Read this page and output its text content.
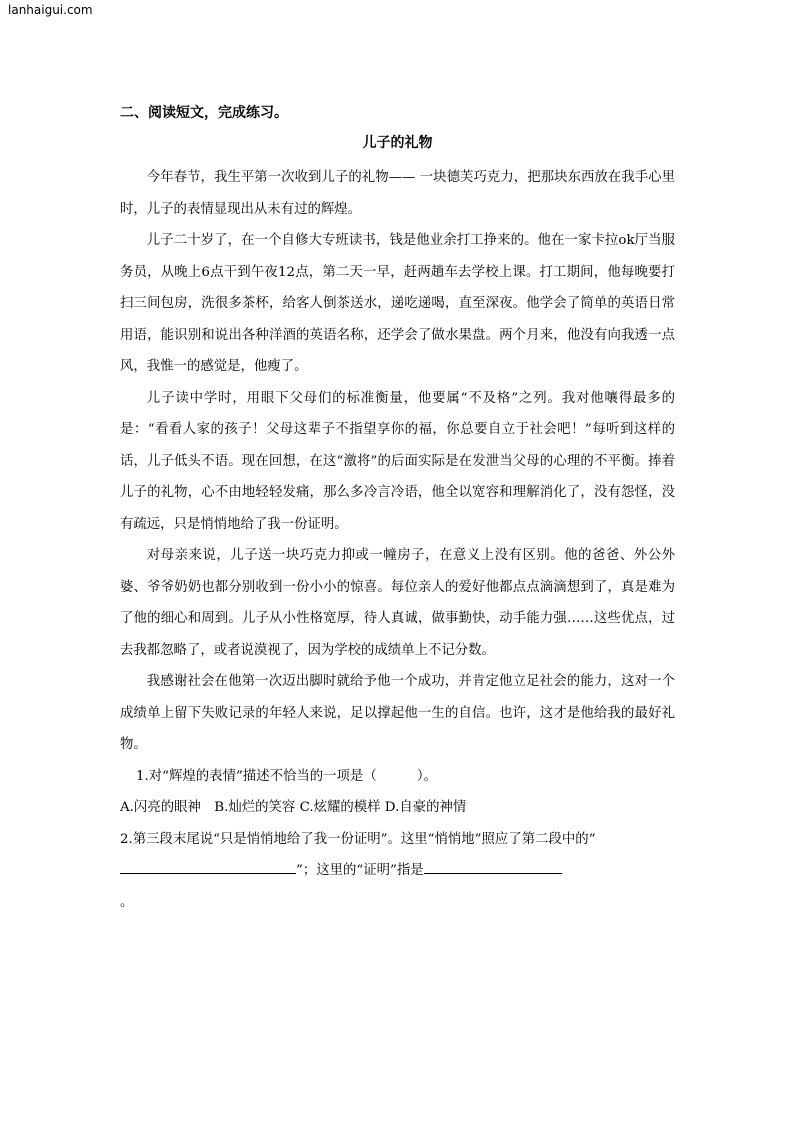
lanhaigui.com
二、阅读短文，完成练习。
儿子的礼物

今年春节，我生平第一次收到儿子的礼物—— 一块德芙巧克力，把那块东西放在我手心里时，儿子的表情显现出从未有过的辉煌。

儿子二十岁了，在一个自修大专班读书，钱是他业余打工挣来的。他在一家卡拉ok厅当服务员，从晚上6点干到午夜12点，第二天一早，赶两趟车去学校上课。打工期间，他每晚要打扫三间包房，洗很多茶杯，给客人倒茶送水，递吃递喝，直至深夜。他学会了简单的英语日常用语，能识别和说出各种洋酒的英语名称，还学会了做水果盘。两个月来，他没有向我透一点风，我惟一的感觉是，他瘦了。

儿子读中学时，用眼下父母们的标准衡量，他要属“不及格”之列。我对他嚷得最多的是：“看看人家的孩子！父母这辈子不指望享你的福，你总要自立于社会吧！”每听到这样的话，儿子低头不语。现在回想，在这“激将”的后面实际是在发泄当父母的心理的不平衡。捧着儿子的礼物，心不由地轻轻发痛，那么多冷言冷语，他全以宽容和理解消化了，没有怨怪，没有疏远，只是悄悄地给了我一份证明。

对母亲来说，儿子送一块巧克力抑或一幢房子，在意义上没有区别。他的爸爸、外公外婆、爷爷奶奶也都分别收到一份小小的惊喜。每位亲人的爱好他都点点滴滴想到了，真是难为了他的细心和周到。儿子从小性格宽厚，待人真诚，做事勤快，动手能力强……这些优点，过去我都忽略了，或者说漠视了，因为学校的成绩单上不记分数。

我感谢社会在他第一次迈出脚时就给予他一个成功，并肯定他立足社会的能力，这对一个成绩单上留下失败记录的年轻人来说，足以撑起他一生的自信。也许，这才是他给我的最好礼物。

1.对“辉煌的表情”描述不恰当的一项是（　　　）。
A.闪亮的眼神　B.灿烂的笑容 C.炫耀的模样 D.自豪的神情
2.第三段末尾说“只是悄悄地给了我一份证明”。这里“悄悄地”照应了第二段中的“”；这里的“证明”指是
。
